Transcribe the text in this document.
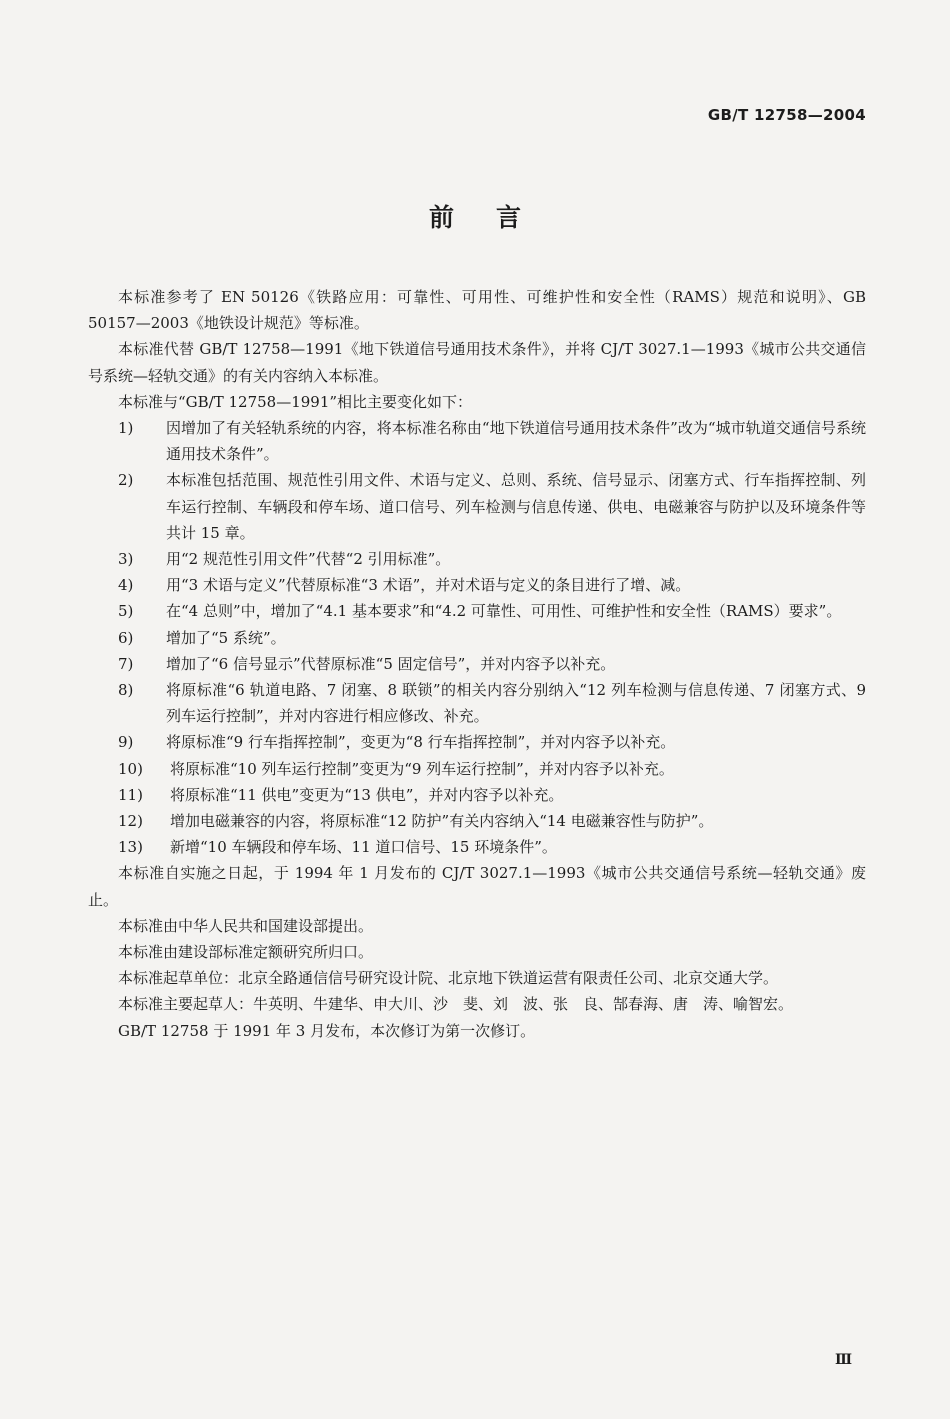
GB/T 12758—2004
前言

本标准参考了 EN 50126《铁路应用：可靠性、可用性、可维护性和安全性（RAMS）规范和说明》、GB 50157—2003《地铁设计规范》等标准。

本标准代替 GB/T 12758—1991《地下铁道信号通用技术条件》，并将 CJ/T 3027.1—1993《城市公共交通信号系统—轻轨交通》的有关内容纳入本标准。

本标准与“GB/T 12758—1991”相比主要变化如下：

1)	因增加了有关轻轨系统的内容，将本标准名称由“地下铁道信号通用技术条件”改为“城市轨道交通信号系统通用技术条件”。
2)	本标准包括范围、规范性引用文件、术语与定义、总则、系统、信号显示、闭塞方式、行车指挥控制、列车运行控制、车辆段和停车场、道口信号、列车检测与信息传递、供电、电磁兼容与防护以及环境条件等共计 15 章。
3)	用“2 规范性引用文件”代替“2 引用标准”。
4)	用“3 术语与定义”代替原标准“3 术语”，并对术语与定义的条目进行了增、减。
5)	在“4 总则”中，增加了“4.1 基本要求”和“4.2 可靠性、可用性、可维护性和安全性（RAMS）要求”。
6)	增加了“5 系统”。
7)	增加了“6 信号显示”代替原标准“5 固定信号”，并对内容予以补充。
8)	将原标准“6 轨道电路、7 闭塞、8 联锁”的相关内容分别纳入“12 列车检测与信息传递、7 闭塞方式、9 列车运行控制”，并对内容进行相应修改、补充。
9)	将原标准“9 行车指挥控制”，变更为“8 行车指挥控制”，并对内容予以补充。
10)	将原标准“10 列车运行控制”变更为“9 列车运行控制”，并对内容予以补充。
11)	将原标准“11 供电”变更为“13 供电”，并对内容予以补充。
12)	增加电磁兼容的内容，将原标准“12 防护”有关内容纳入“14 电磁兼容性与防护”。
13)	新增“10 车辆段和停车场、11 道口信号、15 环境条件”。

本标准自实施之日起，于 1994 年 1 月发布的 CJ/T 3027.1—1993《城市公共交通信号系统—轻轨交通》废止。

本标准由中华人民共和国建设部提出。

本标准由建设部标准定额研究所归口。

本标准起草单位：北京全路通信信号研究设计院、北京地下铁道运营有限责任公司、北京交通大学。

本标准主要起草人：牛英明、牛建华、申大川、沙　斐、刘　波、张　良、郜春海、唐　涛、喻智宏。

GB/T 12758 于 1991 年 3 月发布，本次修订为第一次修订。

Ⅲ
